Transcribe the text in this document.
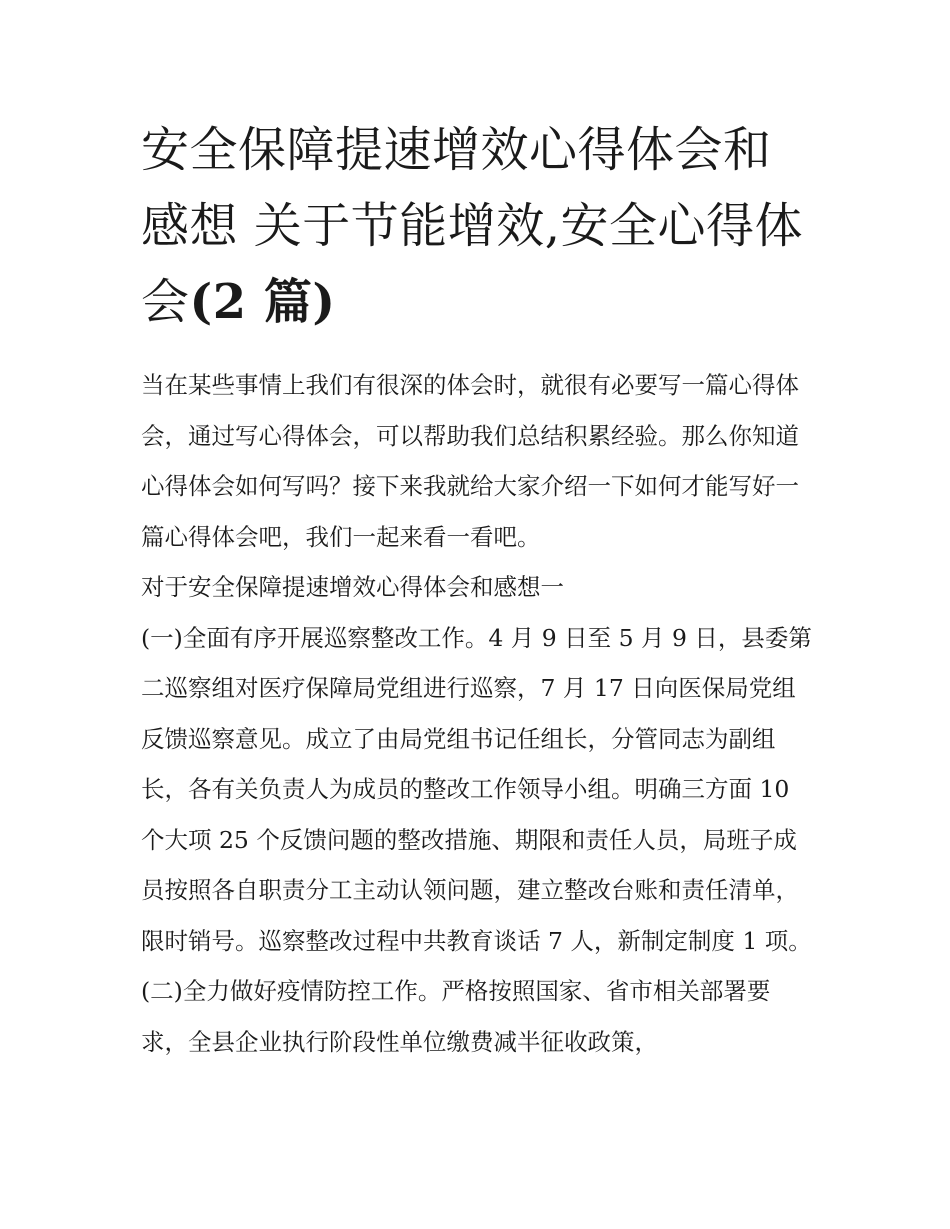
安全保障提速增效心得体会和感想 关于节能增效,安全心得体会(2 篇)

当在某些事情上我们有很深的体会时，就很有必要写一篇心得体会，通过写心得体会，可以帮助我们总结积累经验。那么你知道心得体会如何写吗？接下来我就给大家介绍一下如何才能写好一篇心得体会吧，我们一起来看一看吧。

对于安全保障提速增效心得体会和感想一

(一)全面有序开展巡察整改工作。4 月 9 日至 5 月 9 日，县委第二巡察组对医疗保障局党组进行巡察，7 月 17 日向医保局党组反馈巡察意见。成立了由局党组书记任组长，分管同志为副组长，各有关负责人为成员的整改工作领导小组。明确三方面 10 个大项 25 个反馈问题的整改措施、期限和责任人员，局班子成员按照各自职责分工主动认领问题，建立整改台账和责任清单，限时销号。巡察整改过程中共教育谈话 7 人，新制定制度 1 项。

(二)全力做好疫情防控工作。严格按照国家、省市相关部署要求，全县企业执行阶段性单位缴费减半征收政策，
